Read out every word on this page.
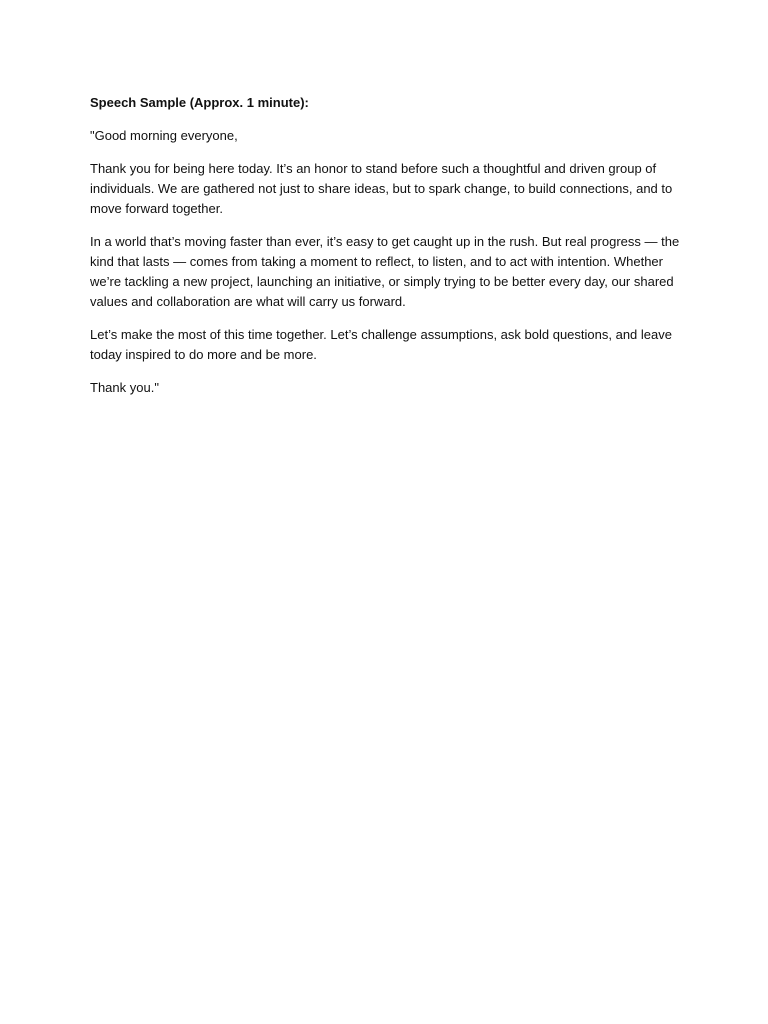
Speech Sample (Approx. 1 minute):

"Good morning everyone,

Thank you for being here today. It’s an honor to stand before such a thoughtful and driven group of individuals. We are gathered not just to share ideas, but to spark change, to build connections, and to move forward together.

In a world that’s moving faster than ever, it’s easy to get caught up in the rush. But real progress — the kind that lasts — comes from taking a moment to reflect, to listen, and to act with intention. Whether we’re tackling a new project, launching an initiative, or simply trying to be better every day, our shared values and collaboration are what will carry us forward.

Let’s make the most of this time together. Let’s challenge assumptions, ask bold questions, and leave today inspired to do more and be more.

Thank you."
